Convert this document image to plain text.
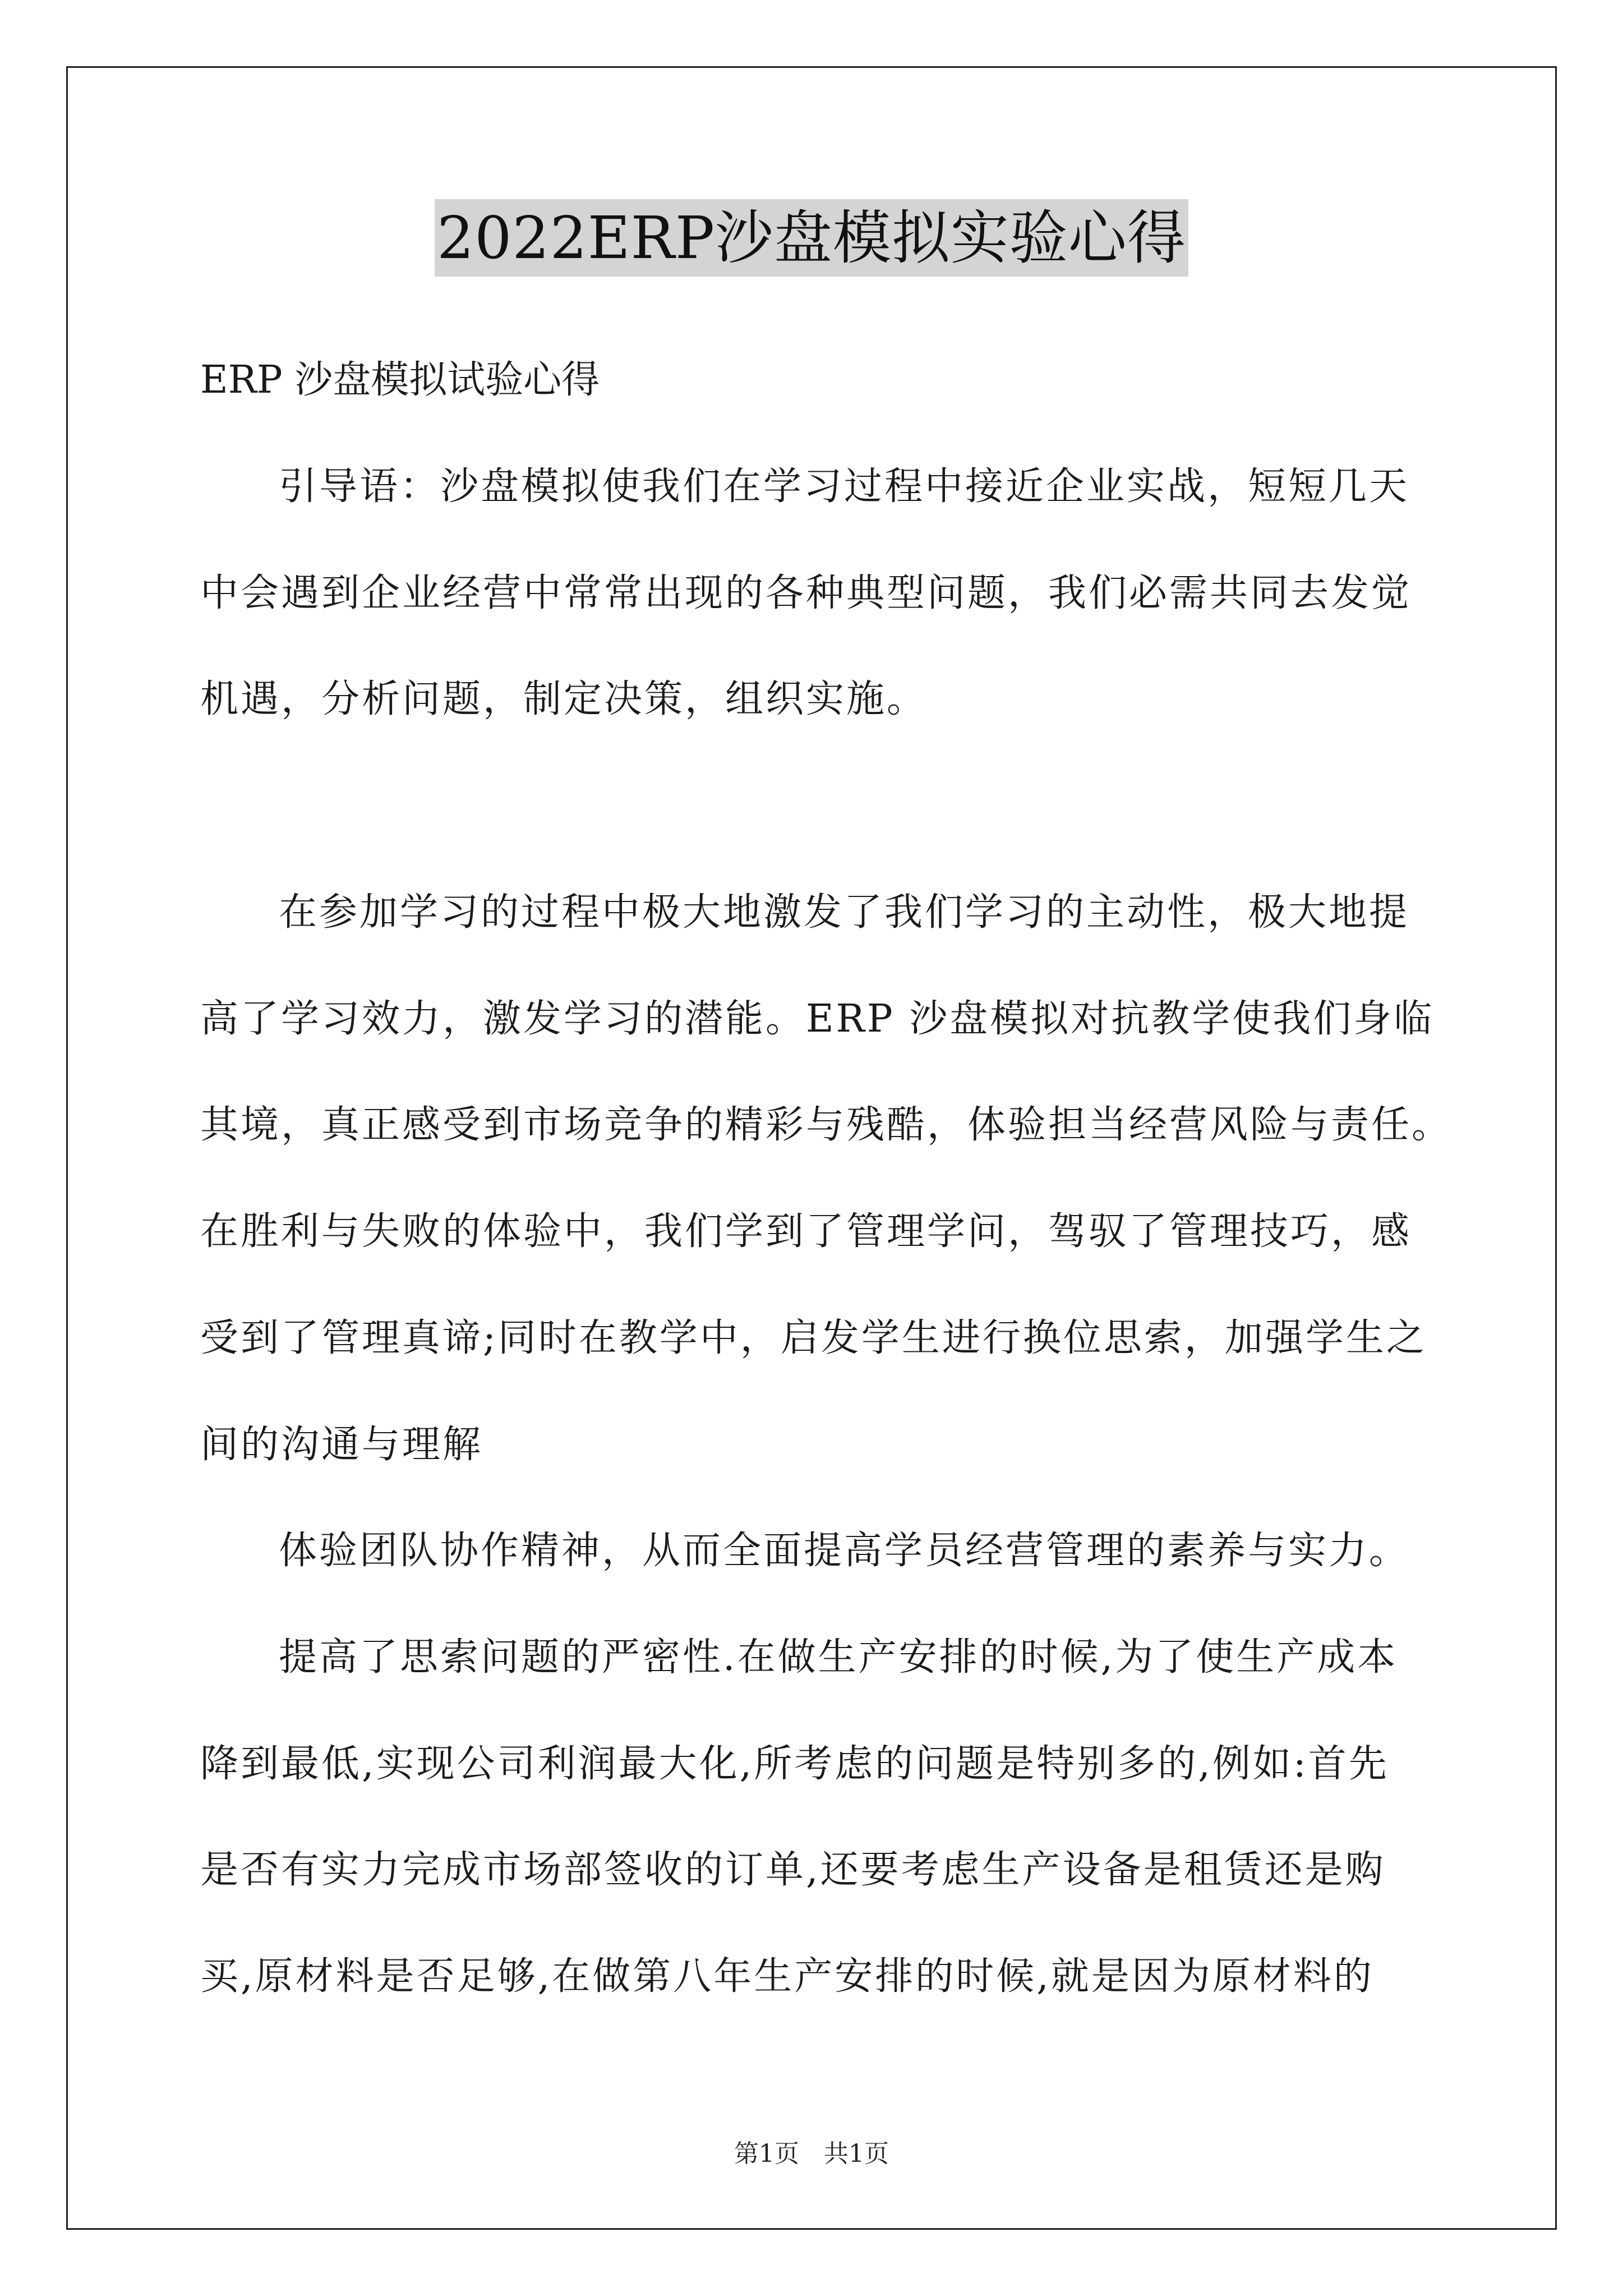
2022ERP沙盘模拟实验心得
ERP 沙盘模拟试验心得
引导语：沙盘模拟使我们在学习过程中接近企业实战，短短几天
中会遇到企业经营中常常出现的各种典型问题，我们必需共同去发觉
机遇，分析问题，制定决策，组织实施。
在参加学习的过程中极大地激发了我们学习的主动性，极大地提
高了学习效力，激发学习的潜能。ERP 沙盘模拟对抗教学使我们身临
其境，真正感受到市场竞争的精彩与残酷，体验担当经营风险与责任。
在胜利与失败的体验中，我们学到了管理学问，驾驭了管理技巧，感
受到了管理真谛;同时在教学中，启发学生进行换位思索，加强学生之
间的沟通与理解
体验团队协作精神，从而全面提高学员经营管理的素养与实力。
提高了思索问题的严密性.在做生产安排的时候,为了使生产成本
降到最低,实现公司利润最大化,所考虑的问题是特别多的,例如:首先
是否有实力完成市场部签收的订单,还要考虑生产设备是租赁还是购
买,原材料是否足够,在做第八年生产安排的时候,就是因为原材料的
第1页　共1页
